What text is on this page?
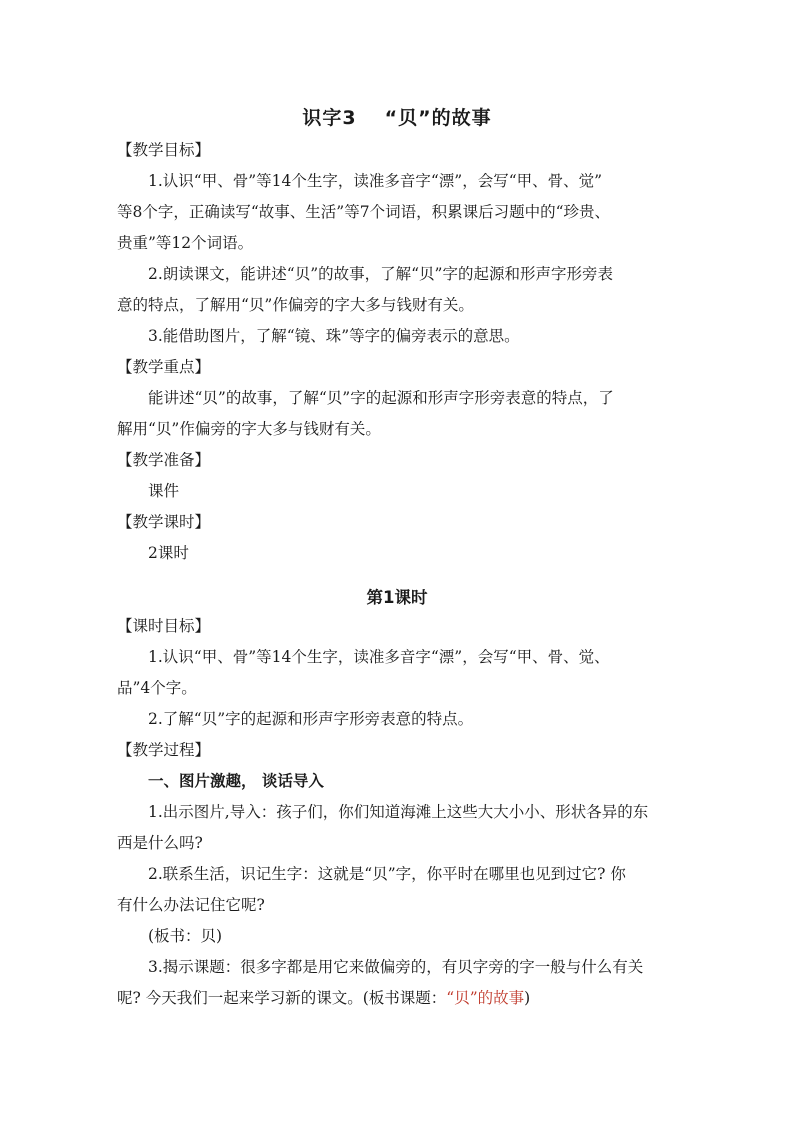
识字3 “贝”的故事
【教学目标】
1.认识“甲、骨”等14个生字，读准多音字“漂”，会写“甲、骨、觉”
等8个字，正确读写“故事、生活”等7个词语，积累课后习题中的“珍贵、
贵重”等12个词语。
2.朗读课文，能讲述“贝”的故事，了解“贝”字的起源和形声字形旁表
意的特点，了解用“贝”作偏旁的字大多与钱财有关。
3.能借助图片，了解“镜、珠”等字的偏旁表示的意思。
【教学重点】
能讲述“贝”的故事，了解“贝”字的起源和形声字形旁表意的特点，了
解用“贝”作偏旁的字大多与钱财有关。
【教学准备】
课件
【教学课时】
2课时
第1课时
【课时目标】
1.认识“甲、骨”等14个生字，读准多音字“漂”，会写“甲、骨、觉、
品”4个字。
2.了解“贝”字的起源和形声字形旁表意的特点。
【教学过程】
一、图片激趣， 谈话导入
1.出示图片,导入：孩子们，你们知道海滩上这些大大小小、形状各异的东
西是什么吗?
2.联系生活，识记生字：这就是“贝”字，你平时在哪里也见到过它? 你
有什么办法记住它呢?
(板书：贝)
3.揭示课题：很多字都是用它来做偏旁的，有贝字旁的字一般与什么有关
呢? 今天我们一起来学习新的课文。(板书课题：“贝”的故事)
